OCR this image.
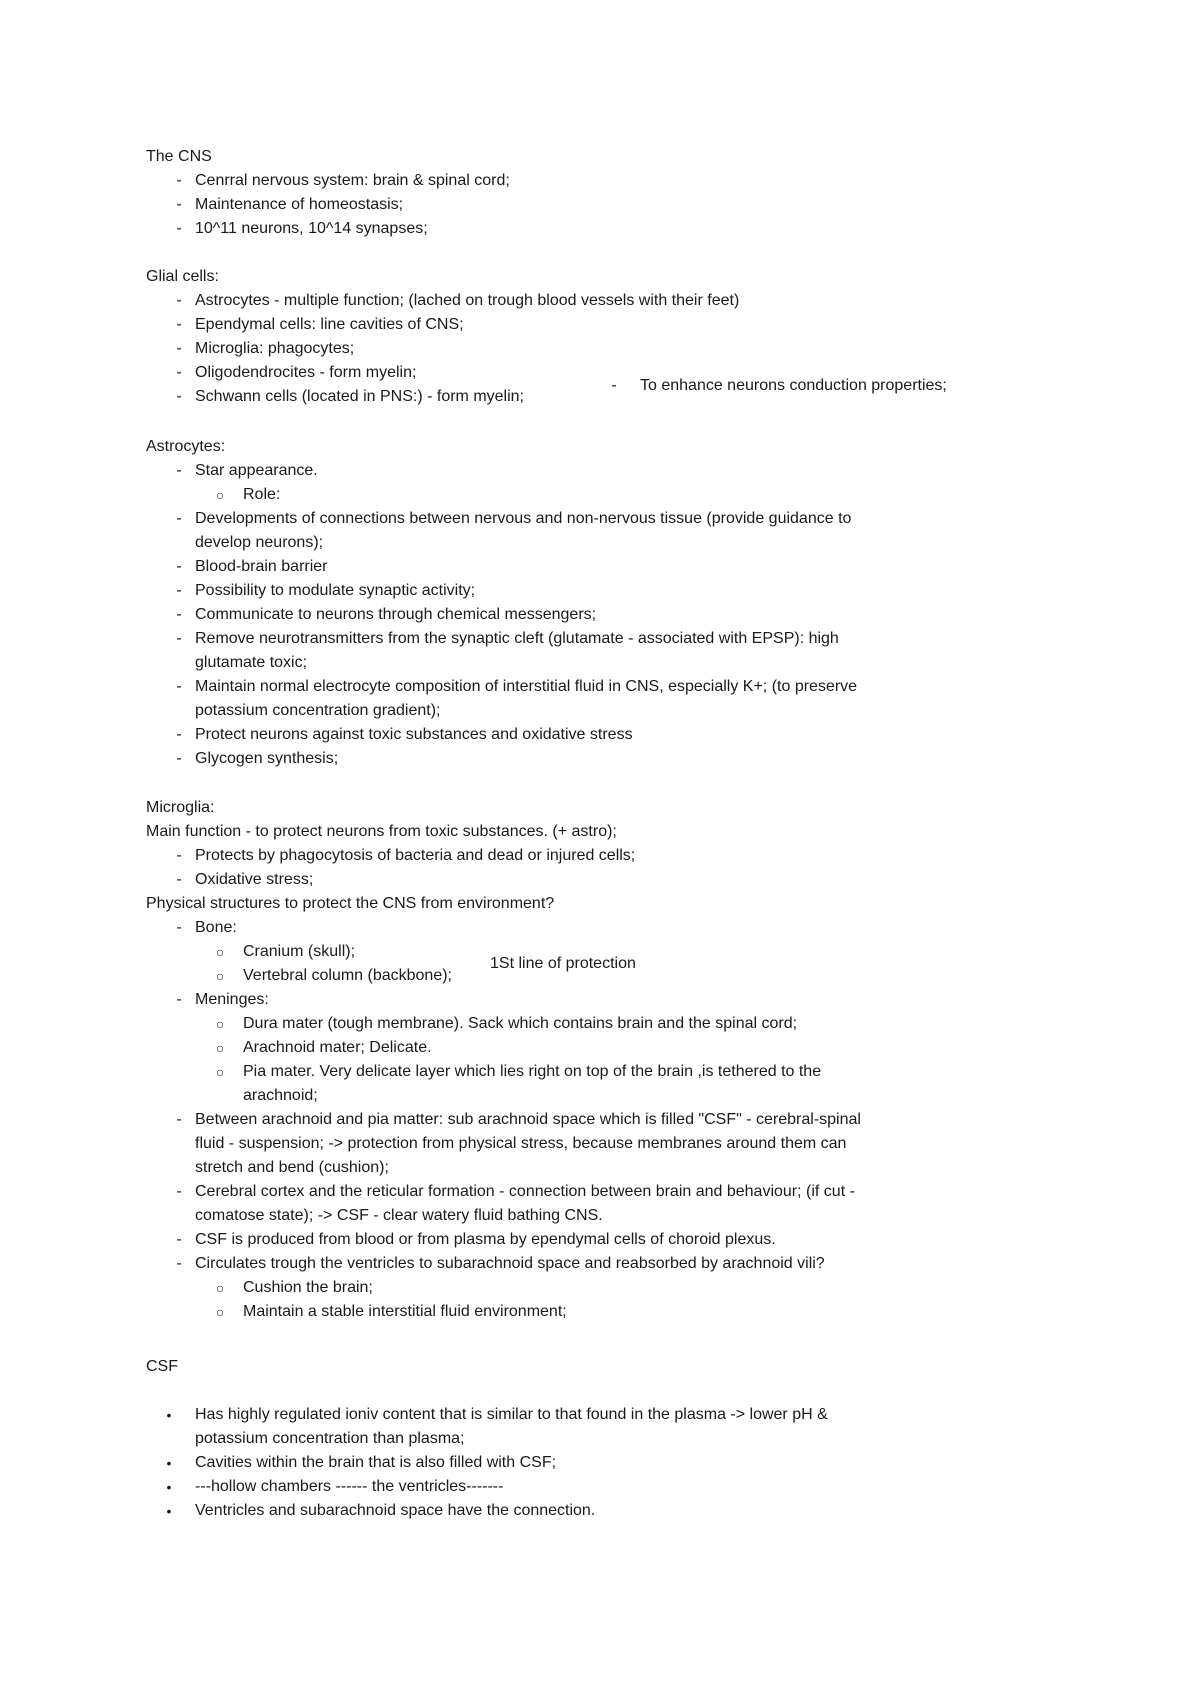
The CNS
- Cenrral nervous system: brain & spinal cord;
- Maintenance of homeostasis;
- 10^11 neurons, 10^14 synapses;
Glial cells:
- Astrocytes - multiple function; (lached on trough blood vessels with their feet)
- Ependymal cells: line cavities of CNS;
- Microglia: phagocytes;
- Oligodendrocites - form myelin;
- Schwann cells (located in PNS:) - form myelin;
-	To enhance neurons conduction properties;
Astrocytes:
- Star appearance.
○ Role:
- Developments of connections between nervous and non-nervous tissue (provide guidance to
develop neurons);
- Blood-brain barrier
- Possibility to modulate synaptic activity;
- Communicate to neurons through chemical messengers;
- Remove neurotransmitters from the synaptic cleft (glutamate - associated with EPSP): high
glutamate toxic;
- Maintain normal electrocyte composition of interstitial fluid in CNS, especially K+; (to preserve
potassium concentration gradient);
- Protect neurons against toxic substances and oxidative stress
- Glycogen synthesis;
Microglia:
Main function - to protect neurons from toxic substances. (+ astro);
- Protects by phagocytosis of bacteria and dead or injured cells;
- Oxidative stress;
Physical structures to protect the CNS from environment?
- Bone:
○ Cranium (skull);
○ Vertebral column (backbone);
1St line of protection
- Meninges:
○ Dura mater (tough membrane). Sack which contains brain and the spinal cord;
○ Arachnoid mater; Delicate.
○ Pia mater. Very delicate layer which lies right on top of the brain ,is tethered to the
arachnoid;
- Between arachnoid and pia matter: sub arachnoid space which is filled "CSF" - cerebral-spinal
fluid - suspension; -> protection from physical stress, because membranes around them can
stretch and bend (cushion);
- Cerebral cortex and the reticular formation - connection between brain and behaviour; (if cut -
comatose state); -> CSF - clear watery fluid bathing CNS.
- CSF is produced from blood or from plasma by ependymal cells of choroid plexus.
- Circulates trough the ventricles to subarachnoid space and reabsorbed by arachnoid vili?
○ Cushion the brain;
○ Maintain a stable interstitial fluid environment;
CSF
•	Has highly regulated ioniv content that is similar to that found in the plasma -> lower pH &
potassium concentration than plasma;
•	Cavities within the brain that is also filled with CSF;
•	---hollow chambers ------ the ventricles-------
•	Ventricles and subarachnoid space have the connection.
